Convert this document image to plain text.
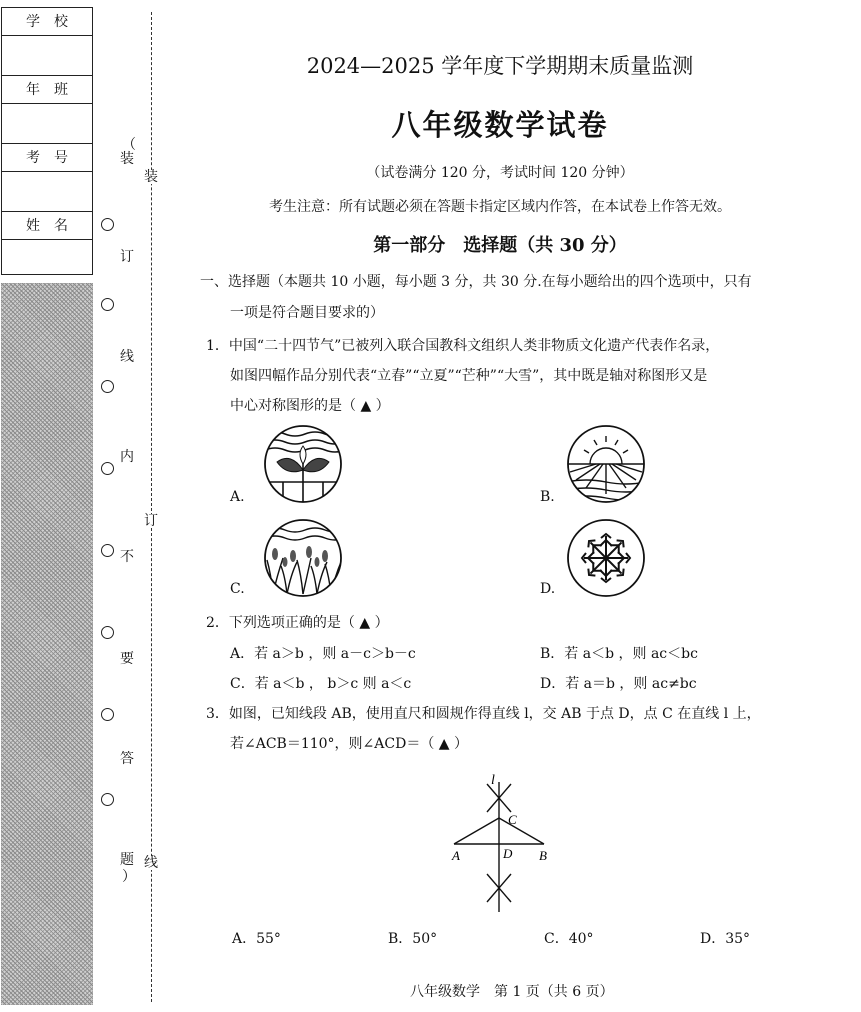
学校
年班
考号
姓名
（
装
订
线
内
不
要
答
题
）
装
订
线
2024—2025 学年度下学期期末质量监测
八年级数学试卷
（试卷满分 120 分，考试时间 120 分钟）
考生注意：所有试题必须在答题卡指定区域内作答，在本试卷上作答无效。
第一部分　选择题（共 30 分）
一、选择题（本题共 10 小题，每小题 3 分，共 30 分.在每小题给出的四个选项中，只有
一项是符合题目要求的）
1．中国“二十四节气”已被列入联合国教科文组织人类非物质文化遗产代表作名录，
如图四幅作品分别代表“立春”“立夏”“芒种”“大雪”，其中既是轴对称图形又是
中心对称图形的是（ ▲ ）
A.	B.
C.	D.
2．下列选项正确的是（ ▲ ）
A．若 a＞b ，则 a－c＞b－c	B．若 a＜b ，则 ac＜bc
C．若 a＜b ， b＞c 则 a＜c	D．若 a＝b ，则 ac≠bc
3．如图，已知线段 AB，使用直尺和圆规作得直线 l，交 AB 于点 D，点 C 在直线 l 上，
若∠ACB＝110°，则∠ACD＝（ ▲ ）
l
C
A	D B
A．55°	B．50°	C．40°	D．35°
八年级数学　第 1 页（共 6 页）
